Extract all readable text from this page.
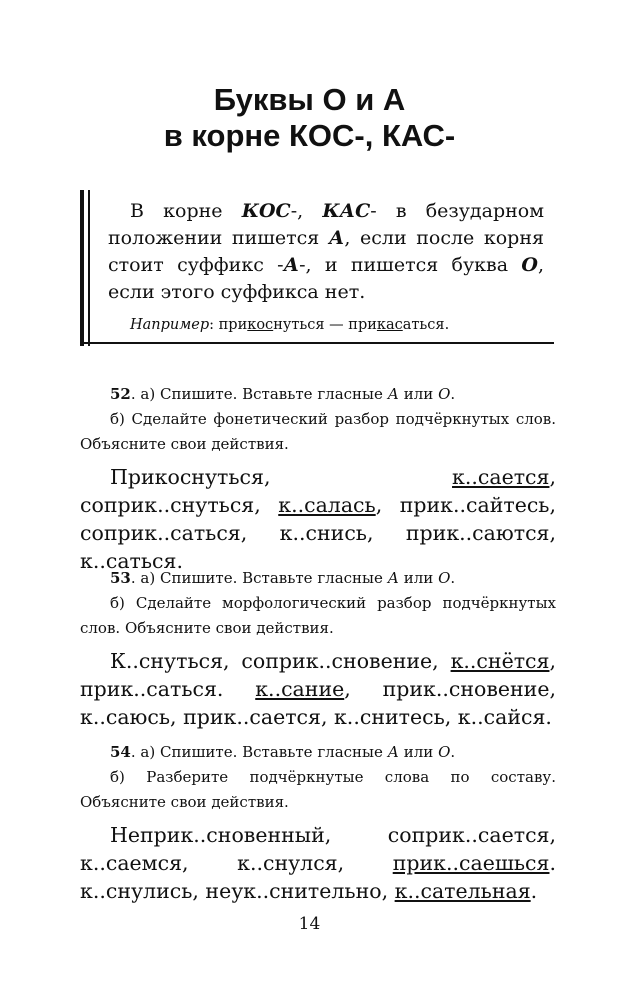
Буквы О и А
в корне КОС-, КАС-

В корне КОС-, КАС- в безударном положении пишется А, если после корня стоит суффикс -А-, и пишется буква О, если этого суффикса нет.

Например: прикоснуться — прикасаться.

52. а) Спишите. Вставьте гласные А или О.

б) Сделайте фонетический разбор подчёркнутых слов. Объясните свои действия.

Прикоснуться, к..сается, соприк..снуться, к..салась, прик..сайтесь, соприк..саться, к..снись, прик..саются, к..саться.

53. а) Спишите. Вставьте гласные А или О.

б) Сделайте морфологический разбор подчёркнутых слов. Объясните свои действия.

К..снуться, соприк..сновение, к..снётся, прик..саться. к..сание, прик..сновение, к..саюсь, прик..сается, к..снитесь, к..сайся.

54. а) Спишите. Вставьте гласные А или О.

б) Разберите подчёркнутые слова по составу. Объясните свои действия.

Неприк..сновенный, соприк..сается, к..саемся, к..снулся, прик..саешься. к..снулись, неук..снительно, к..сательная.

14
